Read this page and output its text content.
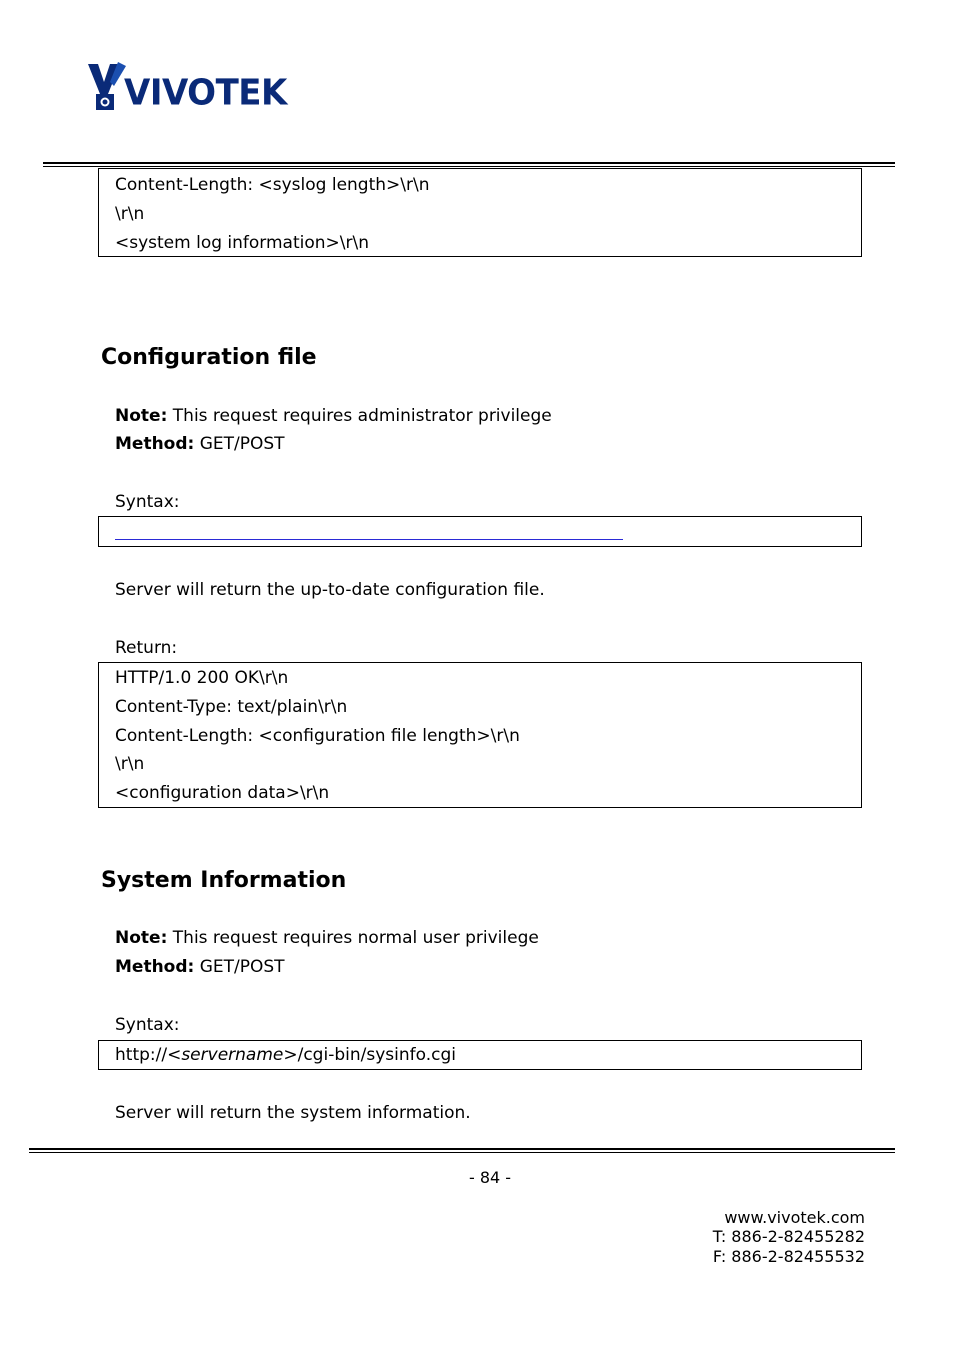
VIVOTEK
Content-Length: <syslog length>\r\n
\r\n
<system log information>\r\n
Configuration file
Note: This request requires administrator privilege
Method: GET/POST
Syntax:
Server will return the up-to-date configuration file.
Return:
HTTP/1.0 200 OK\r\n
Content-Type: text/plain\r\n
Content-Length: <configuration file length>\r\n
\r\n
<configuration data>\r\n
System Information
Note: This request requires normal user privilege
Method: GET/POST
Syntax:
http://<servername>/cgi-bin/sysinfo.cgi
Server will return the system information.
- 84 -
www.vivotek.com
T: 886-2-82455282
F: 886-2-82455532
